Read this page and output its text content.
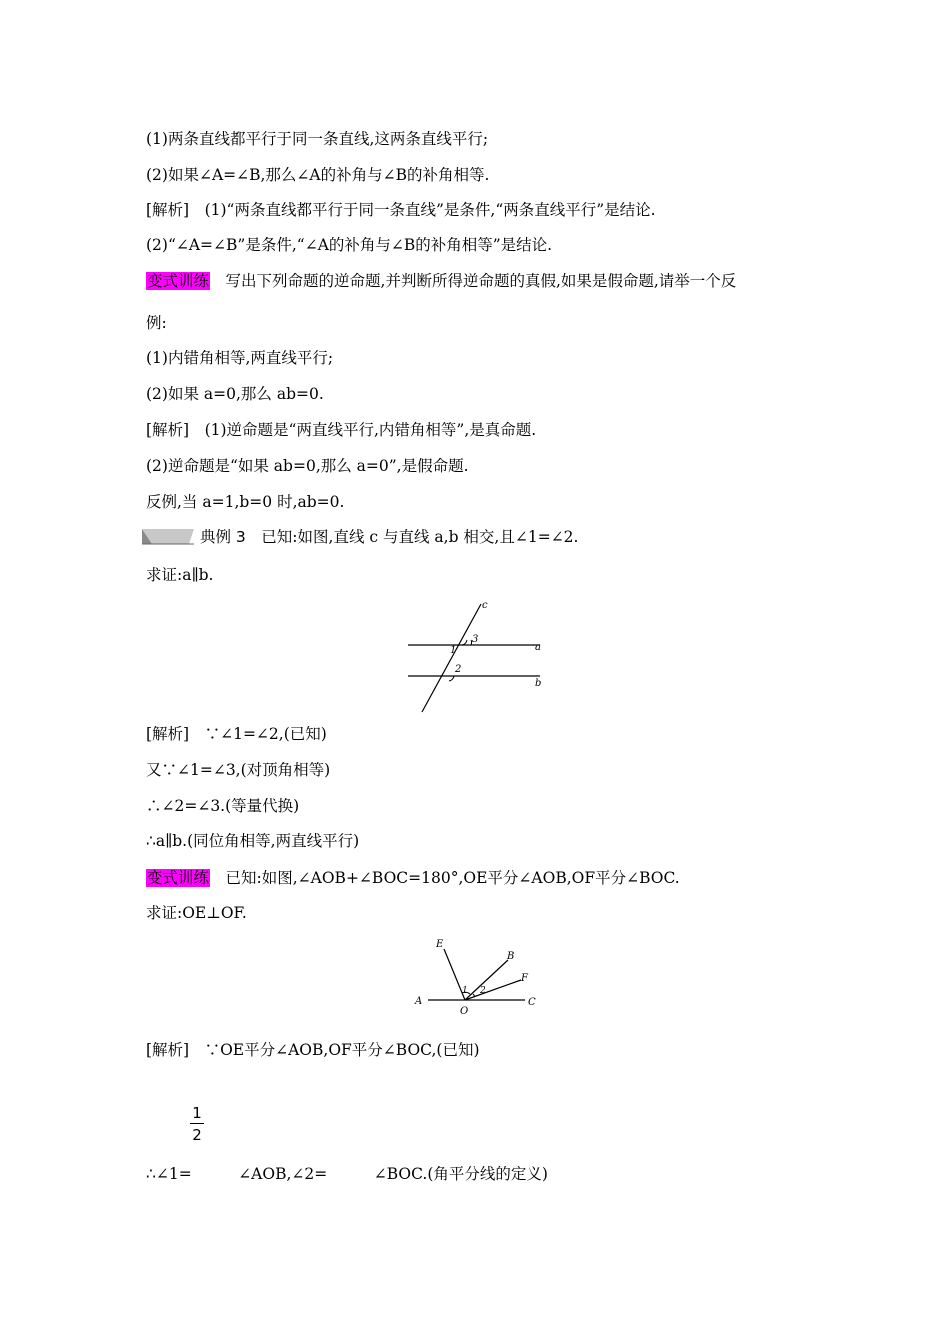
(1)两条直线都平行于同一条直线,这两条直线平行;
(2)如果∠A=∠B,那么∠A的补角与∠B的补角相等.
[解析]　(1)“两条直线都平行于同一条直线”是条件,“两条直线平行”是结论.
(2)“∠A=∠B”是条件,“∠A的补角与∠B的补角相等”是结论.
变式训练　写出下列命题的逆命题,并判断所得逆命题的真假,如果是假命题,请举一个反
例:
(1)内错角相等,两直线平行;
(2)如果 a=0,那么 ab=0.
[解析]　(1)逆命题是“两直线平行,内错角相等”,是真命题.
(2)逆命题是“如果 ab=0,那么 a=0”,是假命题.
反例,当 a=1,b=0 时,ab=0.
典例 3　已知:如图,直线 c 与直线 a,b 相交,且∠1=∠2.
求证:a∥b.
c
a
b
1
3
2
[解析]　∵∠1=∠2,(已知)
又∵∠1=∠3,(对顶角相等)
∴∠2=∠3.(等量代换)
∴a∥b.(同位角相等,两直线平行)
变式训练　已知:如图,∠AOB+∠BOC=180°,OE平分∠AOB,OF平分∠BOC.
求证:OE⊥OF.
E
B
F
A
O
C
1 2
[解析]　∵OE平分∠AOB,OF平分∠BOC,(已知)
1
2
∴∠1=　　　∠AOB,∠2=　　　∠BOC.(角平分线的定义)
